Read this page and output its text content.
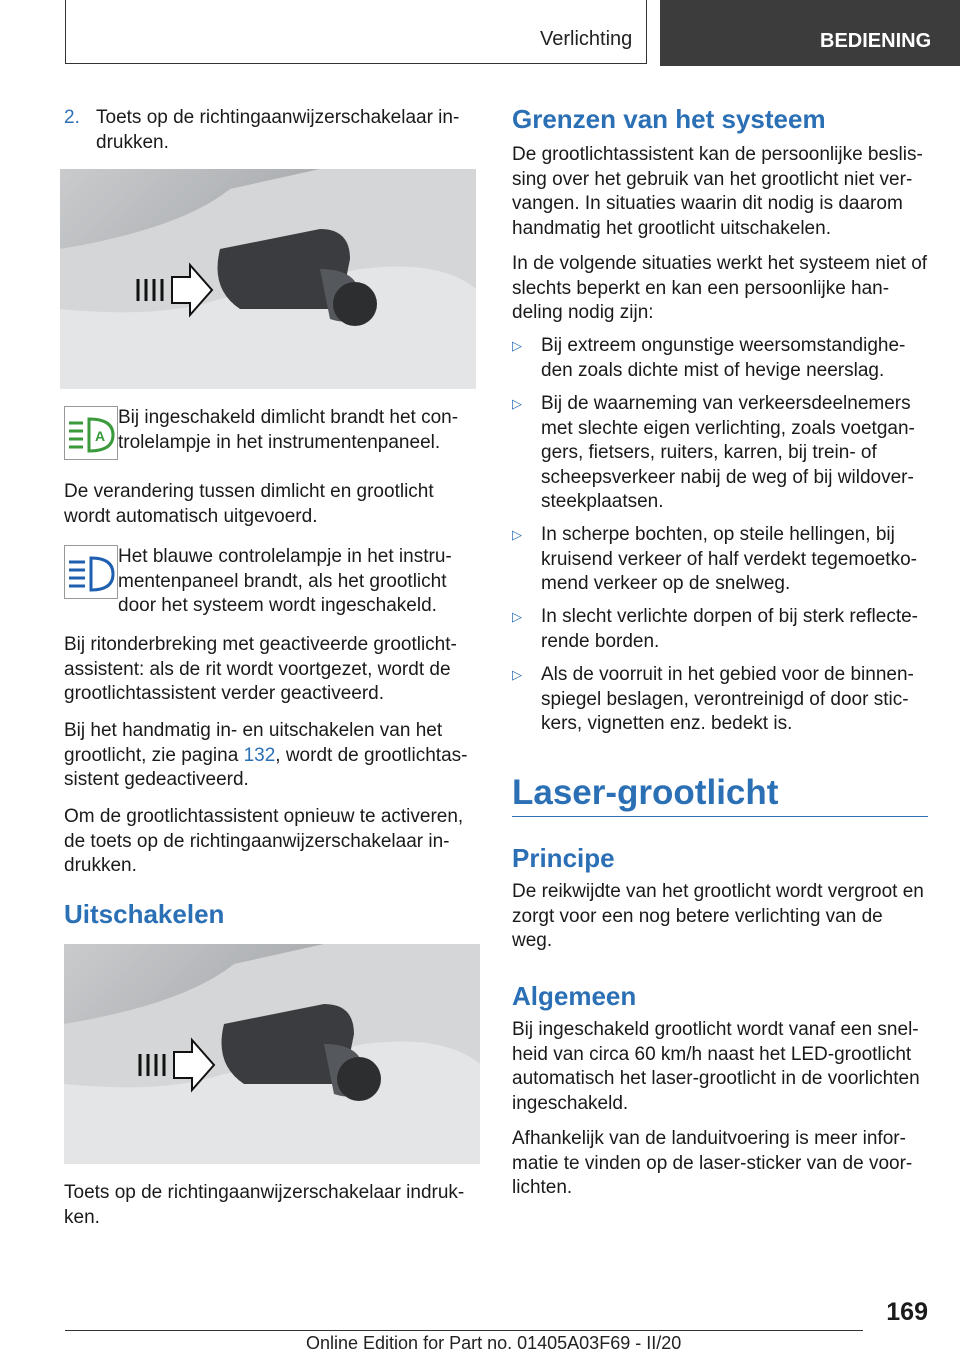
Verlichting	BEDIENING
2. Toets op de richtingaanwijzerschakelaar in-
drukken.

A

Bij ingeschakeld dimlicht brandt het con-
trolelampje in het instrumentenpaneel.

De verandering tussen dimlicht en grootlicht wordt automatisch uitgevoerd.

Het blauwe controlelampje in het instru-
mentenpaneel brandt, als het grootlicht door het systeem wordt ingeschakeld.

Bij ritonderbreking met geactiveerde grootlicht-assistent: als de rit wordt voortgezet, wordt de grootlichtassistent verder geactiveerd.

Bij het handmatig in- en uitschakelen van het grootlicht, zie pagina 132, wordt de grootlichtas-
sistent gedeactiveerd.

Om de grootlichtassistent opnieuw te activeren, de toets op de richtingaanwijzerschakelaar in-
drukken.

Uitschakelen

Toets op de richtingaanwijzerschakelaar indruk-
ken.

Grenzen van het systeem

De grootlichtassistent kan de persoonlijke beslis-
sing over het gebruik van het grootlicht niet ver-
vangen. In situaties waarin dit nodig is daarom handmatig het grootlicht uitschakelen.

In de volgende situaties werkt het systeem niet of slechts beperkt en kan een persoonlijke han-
deling nodig zijn:

▷ Bij extreem ongunstige weersomstandighe-
den zoals dichte mist of hevige neerslag.

▷ Bij de waarneming van verkeersdeelnemers met slechte eigen verlichting, zoals voetgan-
gers, fietsers, ruiters, karren, bij trein- of scheepsverkeer nabij de weg of bij wildover-
steekplaatsen.

▷ In scherpe bochten, op steile hellingen, bij kruisend verkeer of half verdekt tegemoetko-
mend verkeer op de snelweg.

▷ In slecht verlichte dorpen of bij sterk reflecte-
rende borden.

▷ Als de voorruit in het gebied voor de binnen-
spiegel beslagen, verontreinigd of door stic-
kers, vignetten enz. bedekt is.

Laser-grootlicht
Principe

De reikwijdte van het grootlicht wordt vergroot en zorgt voor een nog betere verlichting van de weg.

Algemeen

Bij ingeschakeld grootlicht wordt vanaf een snel-
heid van circa 60 km/h naast het LED-grootlicht automatisch het laser-grootlicht in de voorlichten ingeschakeld.

Afhankelijk van de landuitvoering is meer infor-
matie te vinden op de laser-sticker van de voor-
lichten.

169
Online Edition for Part no. 01405A03F69 - II/20
